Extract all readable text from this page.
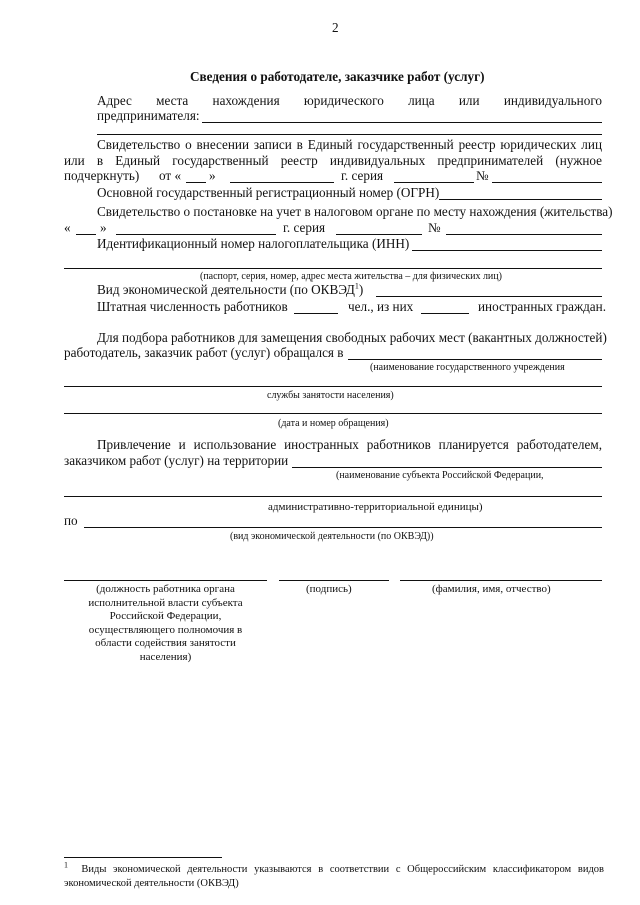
2
Сведения о работодателе, заказчике работ (услуг)
Адрес места нахождения юридического лица или индивидуального
предпринимателя:
Свидетельство о внесении записи в Единый государственный реестр юридических лиц
или в Единый государственный реестр индивидуальных предпринимателей (нужное
подчеркнуть) от « »	г. серия	№
Основной государственный регистрационный номер (ОГРН)
Свидетельство о постановке на учет в налоговом органе по месту нахождения (жительства)
« »	г. серия	№
Идентификационный номер налогоплательщика (ИНН)
(паспорт, серия, номер, адрес места жительства – для физических лиц)
Вид экономической деятельности (по ОКВЭД$^1$)
Штатная численность работников	чел., из них	иностранных граждан.
Для подбора работников для замещения свободных рабочих мест (вакантных должностей)
работодатель, заказчик работ (услуг) обращался в
(наименование государственного учреждения
службы занятости населения)
(дата и номер обращения)
Привлечение и использование иностранных работников планируется работодателем,
заказчиком работ (услуг) на территории
(наименование субъекта Российской Федерации,
административно-территориальной единицы)
по
(вид экономической деятельности (по ОКВЭД))
(должность работника органа
исполнительной власти субъекта
Российской Федерации,
осуществляющего полномочия в
области содействия занятости
населения)
(подпись)	(фамилия, имя, отчество)
$^1$ Виды экономической деятельности указываются в соответствии с Общероссийским классификатором видов
экономической деятельности (ОКВЭД)
